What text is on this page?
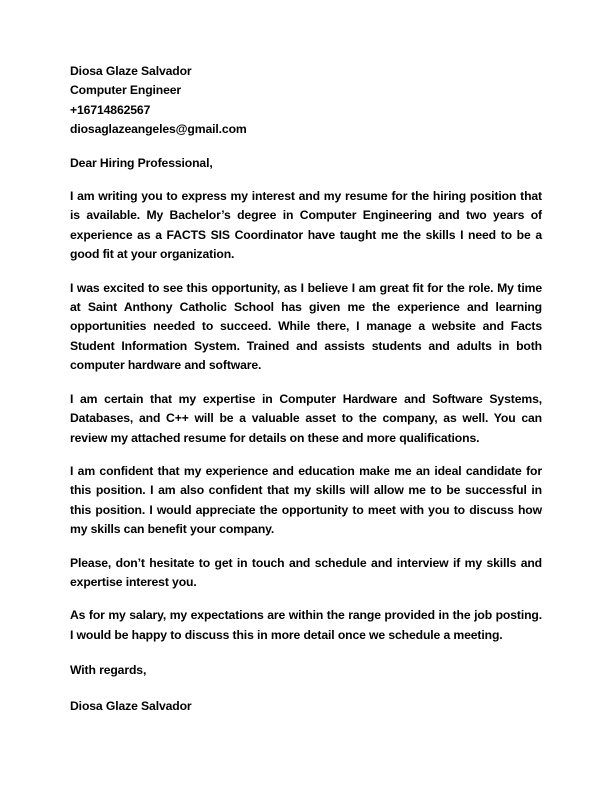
Diosa Glaze Salvador
Computer Engineer
+16714862567
diosaglazeangeles@gmail.com
Dear Hiring Professional,

I am writing you to express my interest and my resume for the hiring position that is available. My Bachelor’s degree in Computer Engineering and two years of experience as a FACTS SIS Coordinator have taught me the skills I need to be a good fit at your organization.

I was excited to see this opportunity, as I believe I am great fit for the role. My time at Saint Anthony Catholic School has given me the experience and learning opportunities needed to succeed. While there, I manage a website and Facts Student Information System. Trained and assists students and adults in both computer hardware and software.

I am certain that my expertise in Computer Hardware and Software Systems, Databases, and C++ will be a valuable asset to the company, as well. You can review my attached resume for details on these and more qualifications.

I am confident that my experience and education make me an ideal candidate for this position. I am also confident that my skills will allow me to be successful in this position. I would appreciate the opportunity to meet with you to discuss how my skills can benefit your company.

Please, don’t hesitate to get in touch and schedule and interview if my skills and expertise interest you.

As for my salary, my expectations are within the range provided in the job posting. I would be happy to discuss this in more detail once we schedule a meeting.

With regards,
Diosa Glaze Salvador
